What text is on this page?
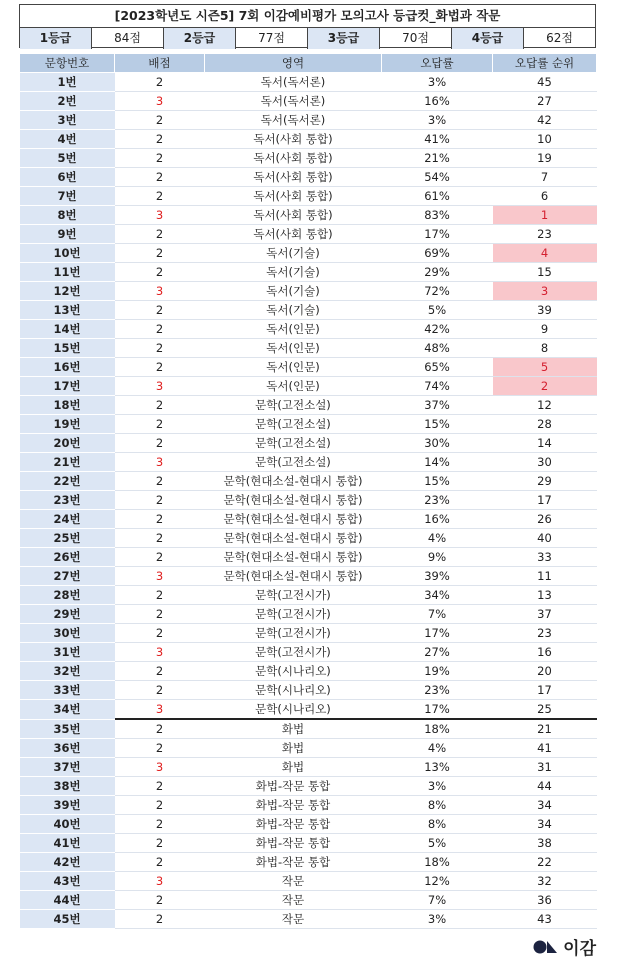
[2023학년도 시즌5] 7회 이감예비평가 모의고사 등급컷_화법과 작문
1등급	84점	2등급	77점	3등급	70점	4등급	62점
문항번호	배점	영역	오답률	오답률 순위
1번	2	독서(독서론)	3%	45
2번	3	독서(독서론)	16%	27
3번	2	독서(독서론)	3%	42
4번	2	독서(사회 통합)	41%	10
5번	2	독서(사회 통합)	21%	19
6번	2	독서(사회 통합)	54%	7
7번	2	독서(사회 통합)	61%	6
8번	3	독서(사회 통합)	83%	1
9번	2	독서(사회 통합)	17%	23
10번	2	독서(기술)	69%	4
11번	2	독서(기술)	29%	15
12번	3	독서(기술)	72%	3
13번	2	독서(기술)	5%	39
14번	2	독서(인문)	42%	9
15번	2	독서(인문)	48%	8
16번	2	독서(인문)	65%	5
17번	3	독서(인문)	74%	2
18번	2	문학(고전소설)	37%	12
19번	2	문학(고전소설)	15%	28
20번	2	문학(고전소설)	30%	14
21번	3	문학(고전소설)	14%	30
22번	2	문학(현대소설-현대시 통합)	15%	29
23번	2	문학(현대소설-현대시 통합)	23%	17
24번	2	문학(현대소설-현대시 통합)	16%	26
25번	2	문학(현대소설-현대시 통합)	4%	40
26번	2	문학(현대소설-현대시 통합)	9%	33
27번	3	문학(현대소설-현대시 통합)	39%	11
28번	2	문학(고전시가)	34%	13
29번	2	문학(고전시가)	7%	37
30번	2	문학(고전시가)	17%	23
31번	3	문학(고전시가)	27%	16
32번	2	문학(시나리오)	19%	20
33번	2	문학(시나리오)	23%	17
34번	3	문학(시나리오)	17%	25
35번	2	화법	18%	21
36번	2	화법	4%	41
37번	3	화법	13%	31
38번	2	화법-작문 통합	3%	44
39번	2	화법-작문 통합	8%	34
40번	2	화법-작문 통합	8%	34
41번	2	화법-작문 통합	5%	38
42번	2	화법-작문 통합	18%	22
43번	3	작문	12%	32
44번	2	작문	7%	36
45번	2	작문	3%	43
이감
